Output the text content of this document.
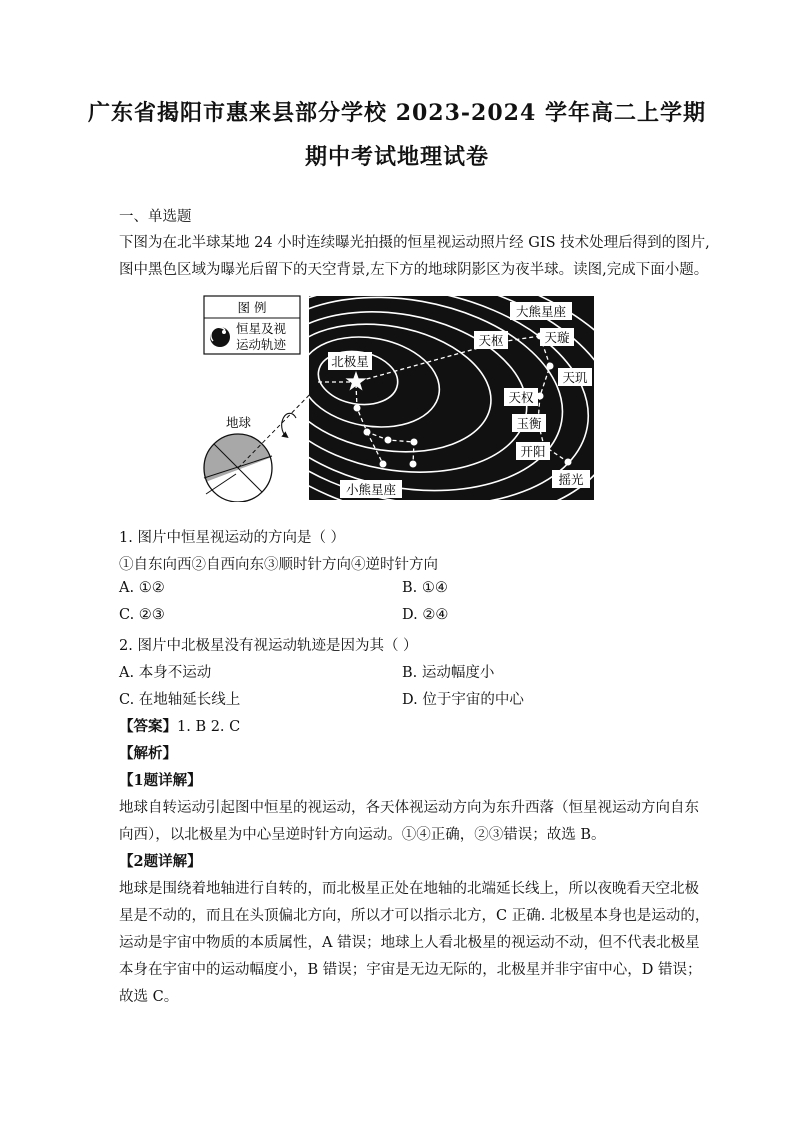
广东省揭阳市惠来县部分学校 2023-2024 学年高二上学期
期中考试地理试卷
一、单选题
下图为在北半球某地 24 小时连续曝光拍摄的恒星视运动照片经 GIS 技术处理后得到的图片,
图中黑色区域为曝光后留下的天空背景,左下方的地球阴影区为夜半球。读图,完成下面小题。
图 例
恒星及视
运动轨迹
北极星
大熊星座
天枢	天璇
天玑
天权
玉衡
开阳
摇光
小熊星座
地球
1. 图片中恒星视运动的方向是（ ）
①自东向西②自西向东③顺时针方向④逆时针方向
A. ①②	B. ①④
C. ②③	D. ②④
2. 图片中北极星没有视运动轨迹是因为其（ ）
A. 本身不运动	B. 运动幅度小
C. 在地轴延长线上	D. 位于宇宙的中心
【答案】1. B 2. C
【解析】
【1题详解】
地球自转运动引起图中恒星的视运动，各天体视运动方向为东升西落（恒星视运动方向自东
向西），以北极星为中心呈逆时针方向运动。①④正确，②③错误；故选 B。
【2题详解】
地球是围绕着地轴进行自转的，而北极星正处在地轴的北端延长线上，所以夜晚看天空北极
星是不动的，而且在头顶偏北方向，所以才可以指示北方，C 正确. 北极星本身也是运动的，
运动是宇宙中物质的本质属性，A 错误；地球上人看北极星的视运动不动，但不代表北极星
本身在宇宙中的运动幅度小，B 错误；宇宙是无边无际的，北极星并非宇宙中心，D 错误；
故选 C。
